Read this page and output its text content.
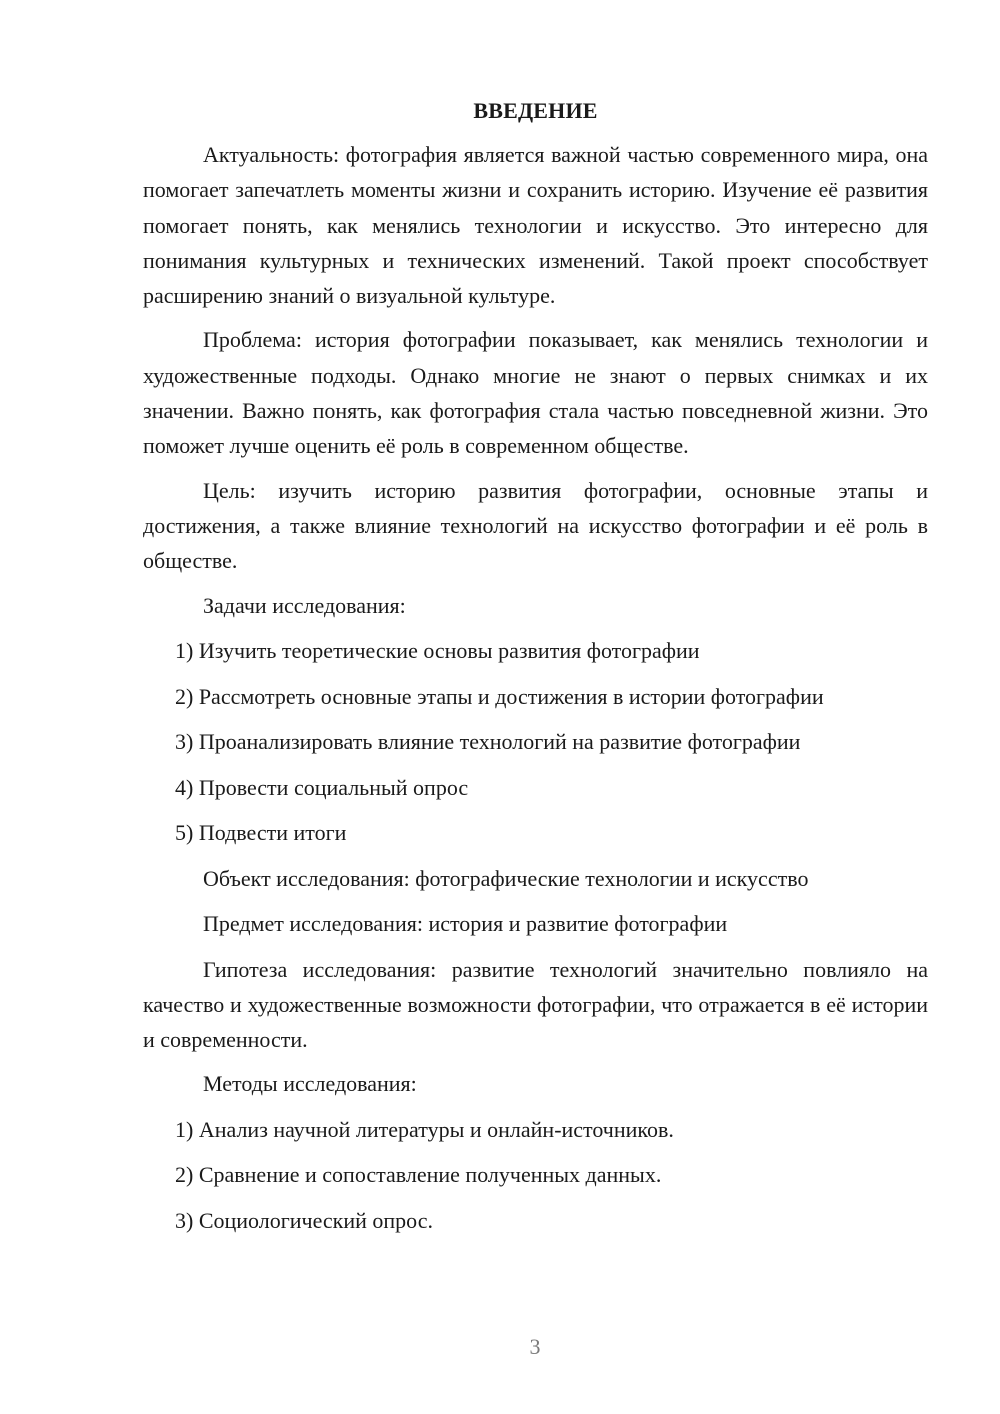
ВВЕДЕНИЕ

Актуальность: фотография является важной частью современного мира, она помогает запечатлеть моменты жизни и сохранить историю. Изучение её развития помогает понять, как менялись технологии и искусство. Это интересно для понимания культурных и технических изменений. Такой проект способствует расширению знаний о визуальной культуре.

Проблема: история фотографии показывает, как менялись технологии и художественные подходы. Однако многие не знают о первых снимках и их значении. Важно понять, как фотография стала частью повседневной жизни. Это поможет лучше оценить её роль в современном обществе.

Цель: изучить историю развития фотографии, основные этапы и достижения, а также влияние технологий на искусство фотографии и её роль в обществе.

Задачи исследования:
1) Изучить теоретические основы развития фотографии
2) Рассмотреть основные этапы и достижения в истории фотографии
3) Проанализировать влияние технологий на развитие фотографии
4) Провести социальный опрос
5) Подвести итоги
Объект исследования: фотографические технологии и искусство
Предмет исследования: история и развитие фотографии

Гипотеза исследования: развитие технологий значительно повлияло на качество и художественные возможности фотографии, что отражается в её истории и современности.

Методы исследования:
1) Анализ научной литературы и онлайн-источников.
2) Сравнение и сопоставление полученных данных.
3) Социологический опрос.
3
